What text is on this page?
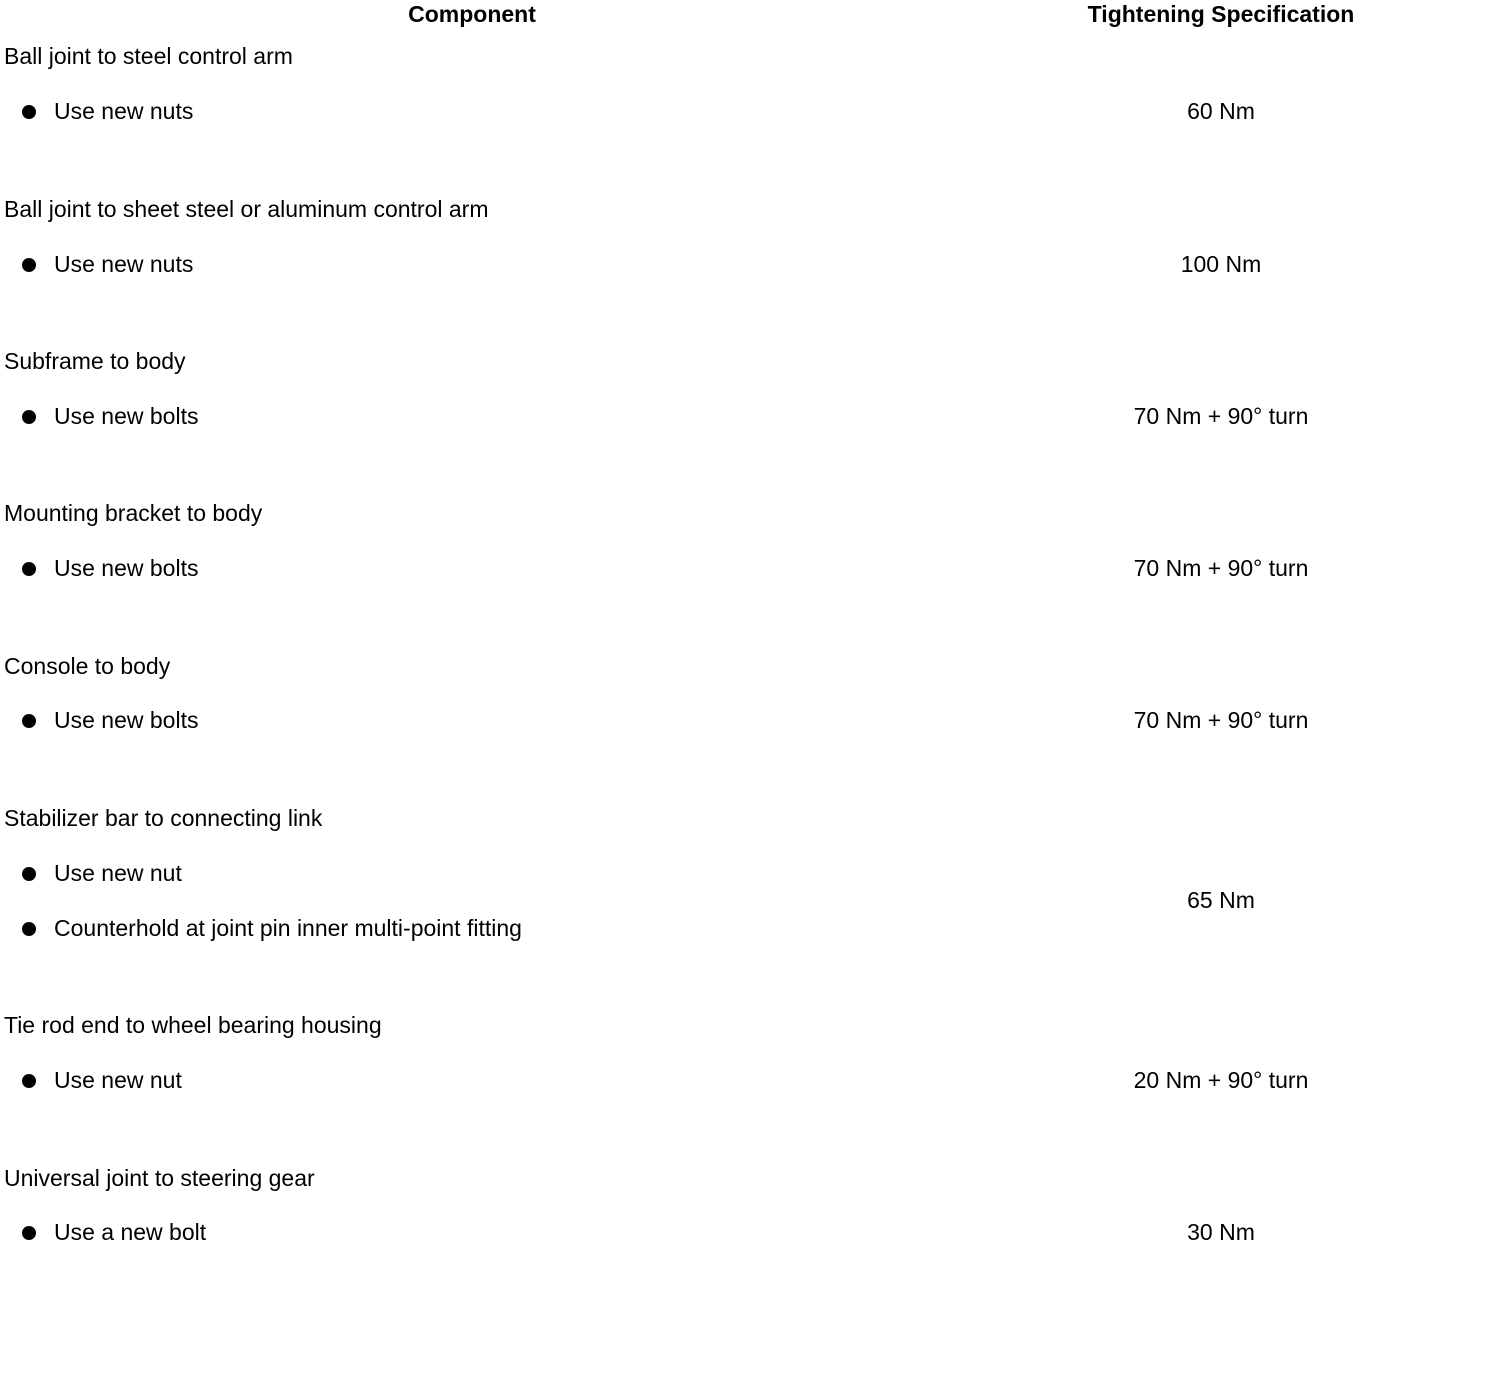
Component	Tightening Specification
Ball joint to steel control arm
Use new nuts	60 Nm
Ball joint to sheet steel or aluminum control arm
Use new nuts	100 Nm
Subframe to body
Use new bolts	70 Nm + 90° turn
Mounting bracket to body
Use new bolts	70 Nm + 90° turn
Console to body
Use new bolts	70 Nm + 90° turn
Stabilizer bar to connecting link
Use new nut
Counterhold at joint pin inner multi-point fitting
65 Nm
Tie rod end to wheel bearing housing
Use new nut	20 Nm + 90° turn
Universal joint to steering gear
Use a new bolt	30 Nm
